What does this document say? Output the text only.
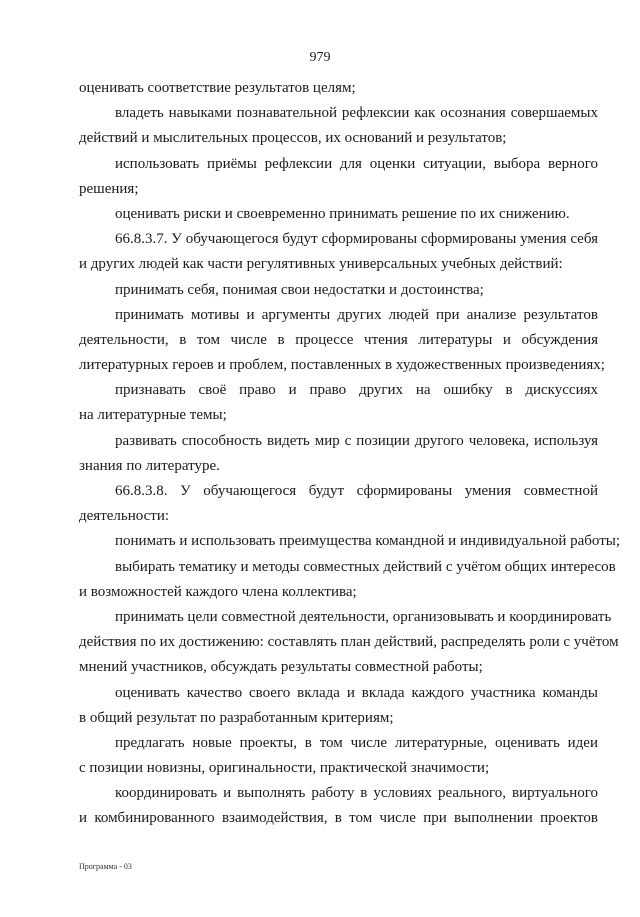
979
оценивать соответствие результатов целям;
владеть навыками познавательной рефлексии как осознания совершаемых
действий и мыслительных процессов, их оснований и результатов;
использовать приёмы рефлексии для оценки ситуации, выбора верного
решения;
оценивать риски и своевременно принимать решение по их снижению.
66.8.3.7. У обучающегося будут сформированы сформированы умения себя
и других людей как части регулятивных универсальных учебных действий:
принимать себя, понимая свои недостатки и достоинства;
принимать мотивы и аргументы других людей при анализе результатов
деятельности, в том числе в процессе чтения литературы и обсуждения
литературных героев и проблем, поставленных в художественных произведениях;
признавать своё право и право других на ошибку в дискуссиях
на литературные темы;
развивать способность видеть мир с позиции другого человека, используя
знания по литературе.
66.8.3.8. У обучающегося будут сформированы умения совместной
деятельности:
понимать и использовать преимущества командной и индивидуальной работы;
выбирать тематику и методы совместных действий с учётом общих интересов
и возможностей каждого члена коллектива;
принимать цели совместной деятельности, организовывать и координировать
действия по их достижению: составлять план действий, распределять роли с учётом
мнений участников, обсуждать результаты совместной работы;
оценивать качество своего вклада и вклада каждого участника команды
в общий результат по разработанным критериям;
предлагать новые проекты, в том числе литературные, оценивать идеи
с позиции новизны, оригинальности, практической значимости;
координировать и выполнять работу в условиях реального, виртуального
и комбинированного взаимодействия, в том числе при выполнении проектов
Программа - 03
